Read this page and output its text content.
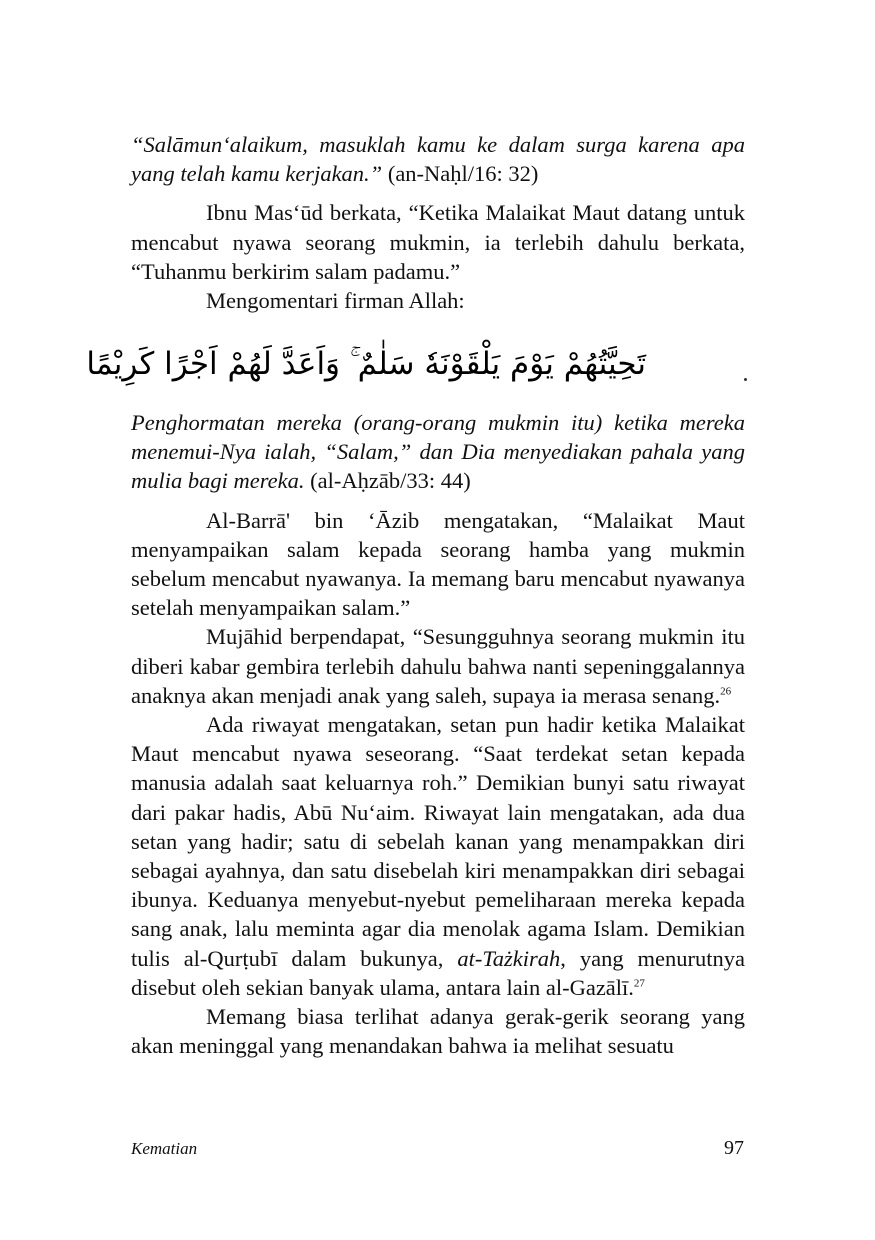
“Salāmun‘alaikum, masuklah kamu ke dalam surga karena apa yang telah kamu kerjakan.” (an-Naḥl/16: 32)

Ibnu Mas‘ūd berkata, “Ketika Malaikat Maut datang untuk mencabut nyawa seorang mukmin, ia terlebih dahulu berkata, “Tuhanmu berkirim salam padamu.”

Mengomentari firman Allah:

تَحِيَّتُهُمْ يَوْمَ يَلْقَوْنَهٗ سَلٰمٌ ۚ وَاَعَدَّ لَهُمْ اَجْرًا كَرِيْمًا

Penghormatan mereka (orang-orang mukmin itu) ketika mereka menemui-Nya ialah, “Salam,” dan Dia menyediakan pahala yang mulia bagi mereka. (al-Aḥzāb/33: 44)

Al-Barrā' bin ‘Āzib mengatakan, “Malaikat Maut menyampaikan salam kepada seorang hamba yang mukmin sebelum mencabut nyawanya. Ia memang baru mencabut nyawanya setelah menyampaikan salam.”

Mujāhid berpendapat, “Sesungguhnya seorang mukmin itu diberi kabar gembira terlebih dahulu bahwa nanti sepeninggalannya anaknya akan menjadi anak yang saleh, supaya ia merasa senang.$^{26}$

Ada riwayat mengatakan, setan pun hadir ketika Malaikat Maut mencabut nyawa seseorang. “Saat terdekat setan kepada manusia adalah saat keluarnya roh.” Demikian bunyi satu riwayat dari pakar hadis, Abū Nu‘aim. Riwayat lain mengatakan, ada dua setan yang hadir; satu di sebelah kanan yang menampakkan diri sebagai ayahnya, dan satu disebelah kiri menampakkan diri sebagai ibunya. Keduanya menyebut-nyebut pemeliharaan mereka kepada sang anak, lalu meminta agar dia menolak agama Islam. Demikian tulis al-Qurṭubī dalam bukunya, at-Tażkirah, yang menurutnya disebut oleh sekian banyak ulama, antara lain al-Gazālī.$^{27}$

Memang biasa terlihat adanya gerak-gerik seorang yang akan meninggal yang menandakan bahwa ia melihat sesuatu

Kematian	97
